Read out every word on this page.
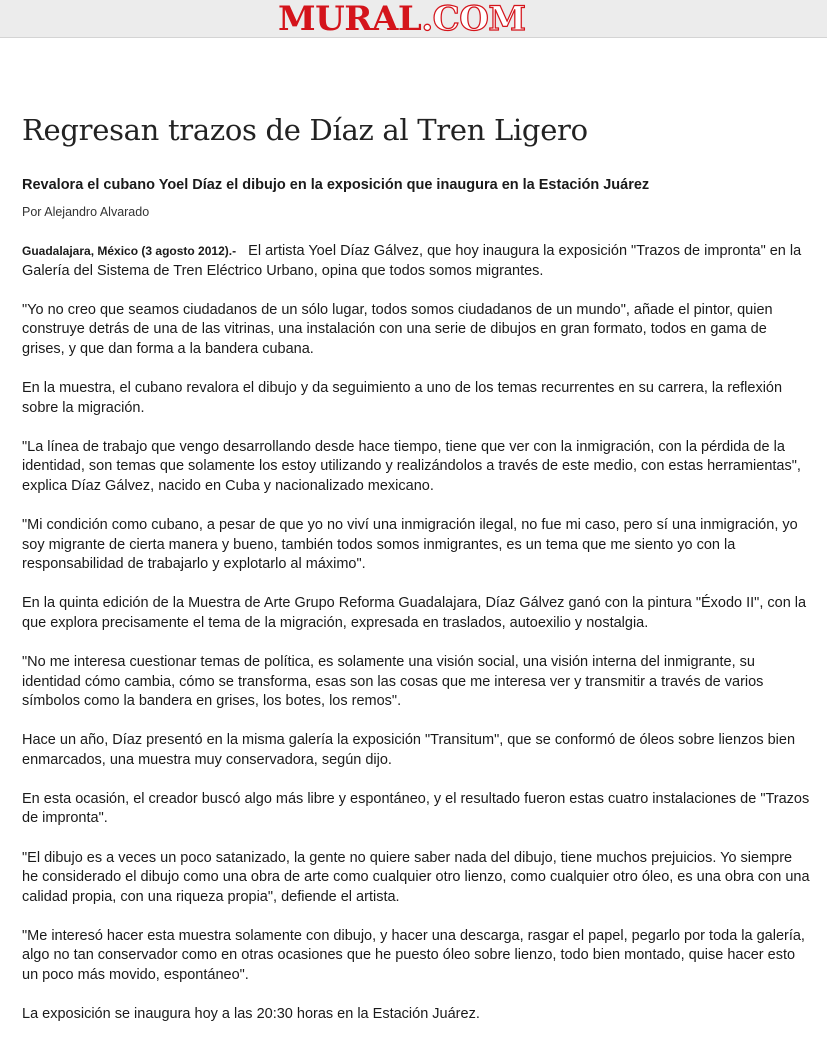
MURAL.COM
Regresan trazos de Díaz al Tren Ligero
Revalora el cubano Yoel Díaz el dibujo en la exposición que inaugura en la Estación Juárez
Por Alejandro Alvarado

Guadalajara, México (3 agosto 2012).- El artista Yoel Díaz Gálvez, que hoy inaugura la exposición "Trazos de impronta" en la Galería del Sistema de Tren Eléctrico Urbano, opina que todos somos migrantes.

"Yo no creo que seamos ciudadanos de un sólo lugar, todos somos ciudadanos de un mundo", añade el pintor, quien construye detrás de una de las vitrinas, una instalación con una serie de dibujos en gran formato, todos en gama de grises, y que dan forma a la bandera cubana.

En la muestra, el cubano revalora el dibujo y da seguimiento a uno de los temas recurrentes en su carrera, la reflexión sobre la migración.

"La línea de trabajo que vengo desarrollando desde hace tiempo, tiene que ver con la inmigración, con la pérdida de la identidad, son temas que solamente los estoy utilizando y realizándolos a través de este medio, con estas herramientas", explica Díaz Gálvez, nacido en Cuba y nacionalizado mexicano.

"Mi condición como cubano, a pesar de que yo no viví una inmigración ilegal, no fue mi caso, pero sí una inmigración, yo soy migrante de cierta manera y bueno, también todos somos inmigrantes, es un tema que me siento yo con la responsabilidad de trabajarlo y explotarlo al máximo".

En la quinta edición de la Muestra de Arte Grupo Reforma Guadalajara, Díaz Gálvez ganó con la pintura "Éxodo II", con la que explora precisamente el tema de la migración, expresada en traslados, autoexilio y nostalgia.

"No me interesa cuestionar temas de política, es solamente una visión social, una visión interna del inmigrante, su identidad cómo cambia, cómo se transforma, esas son las cosas que me interesa ver y transmitir a través de varios símbolos como la bandera en grises, los botes, los remos".

Hace un año, Díaz presentó en la misma galería la exposición "Transitum", que se conformó de óleos sobre lienzos bien enmarcados, una muestra muy conservadora, según dijo.

En esta ocasión, el creador buscó algo más libre y espontáneo, y el resultado fueron estas cuatro instalaciones de "Trazos de impronta".

"El dibujo es a veces un poco satanizado, la gente no quiere saber nada del dibujo, tiene muchos prejuicios. Yo siempre he considerado el dibujo como una obra de arte como cualquier otro lienzo, como cualquier otro óleo, es una obra con una calidad propia, con una riqueza propia", defiende el artista.

"Me interesó hacer esta muestra solamente con dibujo, y hacer una descarga, rasgar el papel, pegarlo por toda la galería, algo no tan conservador como en otras ocasiones que he puesto óleo sobre lienzo, todo bien montado, quise hacer esto un poco más movido, espontáneo".

La exposición se inaugura hoy a las 20:30 horas en la Estación Juárez.
